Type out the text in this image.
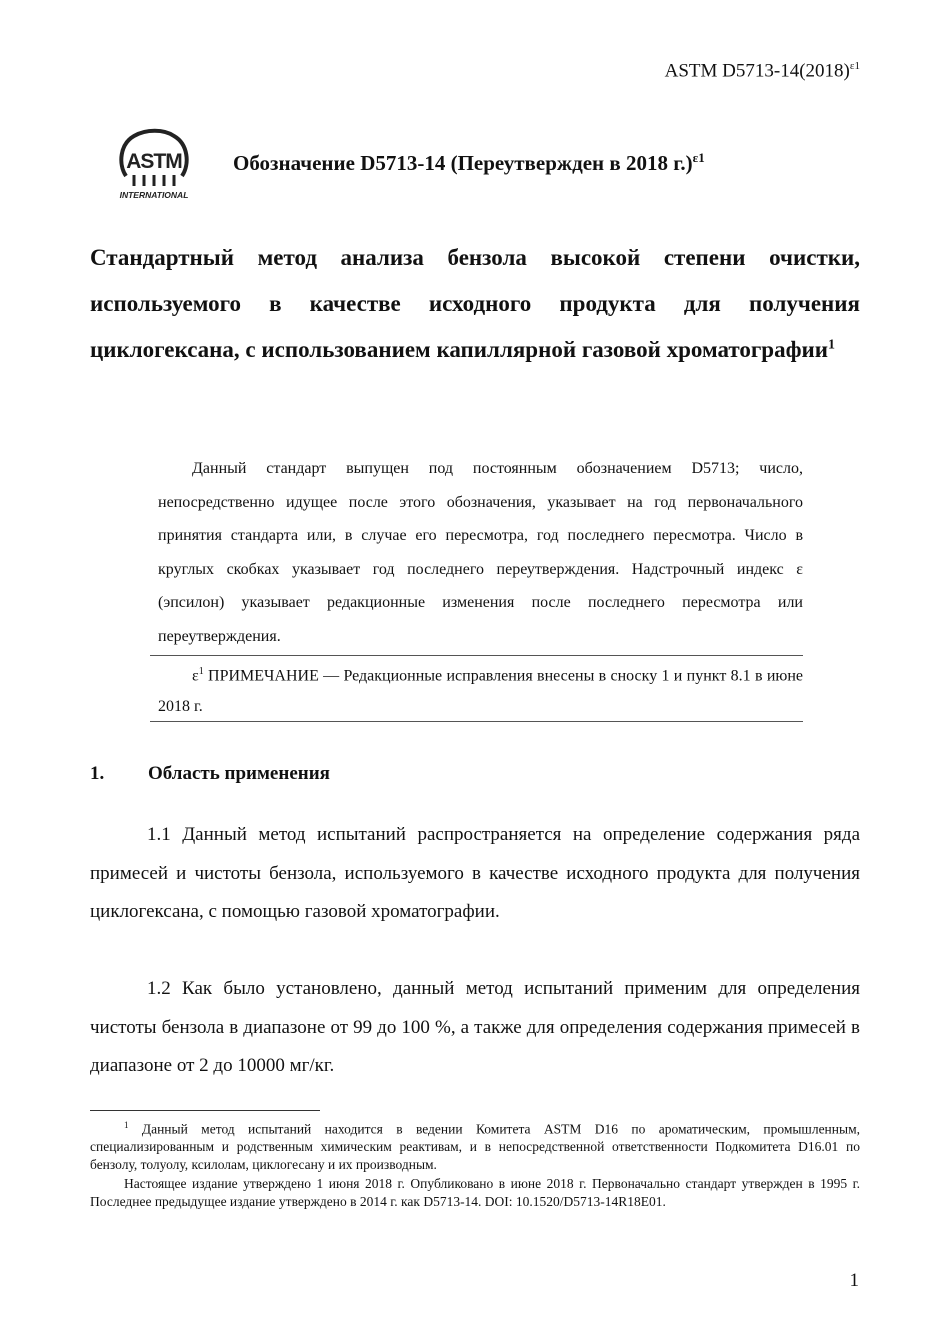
ASTM $D5713-14(2018)^{\varepsilon 1}$
ASTM
INTERNATIONAL
Обозначение D5713-14 (Переутвержден в 2018 г.)$^{\varepsilon 1}$
Стандартный метод анализа бензола высокой степени очистки, используемого в качестве исходного продукта для получения циклогексана, с использованием капиллярной газовой хроматографии$^1$
Данный стандарт выпущен под постоянным обозначением D5713; число, непосредственно идущее после этого обозначения, указывает на год первоначального принятия стандарта или, в случае его пересмотра, год последнего пересмотра. Число в круглых скобках указывает год последнего переутверждения. Надстрочный индекс ε (эпсилон) указывает редакционные изменения после последнего пересмотра или переутверждения.
$\varepsilon^1$ ПРИМЕЧАНИЕ — Редакционные исправления внесены в сноску 1 и пункт 8.1 в июне 2018 г.
1. Область применения
1.1 Данный метод испытаний распространяется на определение содержания ряда примесей и чистоты бензола, используемого в качестве исходного продукта для получения циклогексана, с помощью газовой хроматографии.
1.2 Как было установлено, данный метод испытаний применим для определения чистоты бензола в диапазоне от 99 до 100 %, а также для определения содержания примесей в диапазоне от 2 до 10000 мг/кг.
$^1$ Данный метод испытаний находится в ведении Комитета ASTM D16 по ароматическим, промышленным, специализированным и родственным химическим реактивам, и в непосредственной ответственности Подкомитета D16.01 по бензолу, толуолу, ксилолам, циклогесану и их производным.
Настоящее издание утверждено 1 июня 2018 г. Опубликовано в июне 2018 г. Первоначально стандарт утвержден в 1995 г. Последнее предыдущее издание утверждено в 2014 г. как D5713-14. DOI: 10.1520/D5713-14R18E01.
1
